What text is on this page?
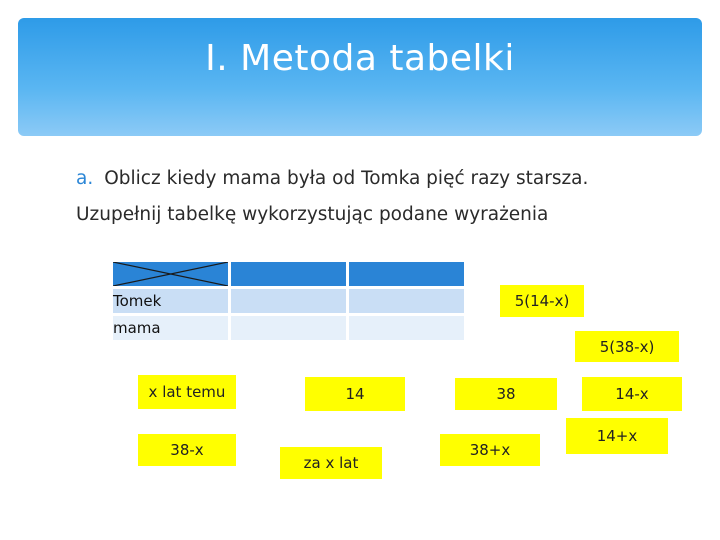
I. Metoda tabelki
a. Oblicz kiedy mama była od Tomka pięć razy starsza.
Uzupełnij tabelkę wykorzystując podane wyrażenia

Tomek		
mama		
5(14-x)
5(38-x)
x lat temu	14	38	14-x
38-x
za x lat
38+x
14+x
